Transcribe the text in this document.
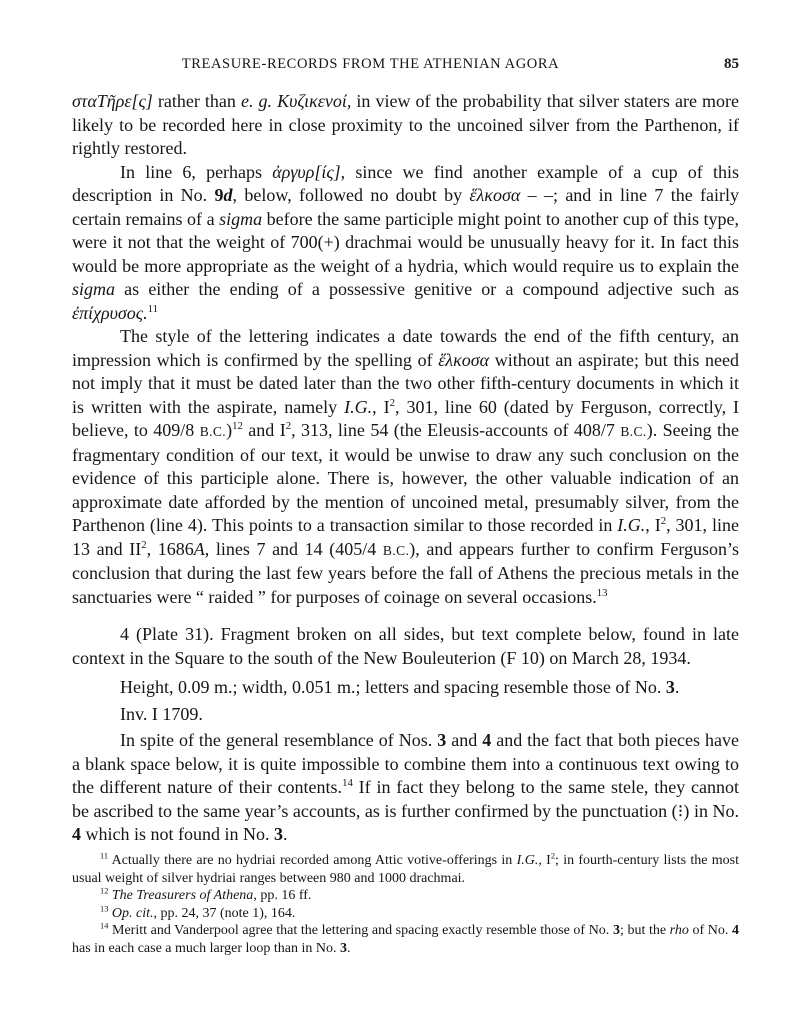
TREASURE-RECORDS FROM THE ATHENIAN AGORA	85

σταΤῆρε[ς] rather than e. g. Κυζικενοί, in view of the probability that silver staters are more likely to be recorded here in close proximity to the uncoined silver from the Parthenon, if rightly restored.

In line 6, perhaps ἀργυρ[ίς], since we find another example of a cup of this description in No. 9d, below, followed no doubt by ἕλκοσα – –; and in line 7 the fairly certain remains of a sigma before the same participle might point to another cup of this type, were it not that the weight of 700(+) drachmai would be unusually heavy for it. In fact this would be more appropriate as the weight of a hydria, which would require us to explain the sigma as either the ending of a possessive genitive or a compound adjective such as ἐπίχρυσος.$^{11}$

The style of the lettering indicates a date towards the end of the fifth century, an impression which is confirmed by the spelling of ἕλκοσα without an aspirate; but this need not imply that it must be dated later than the two other fifth-century documents in which it is written with the aspirate, namely I.G., $I^2$, 301, line 60 (dated by Ferguson, correctly, I believe, to 409/8 B.C.)$^{12}$ and $I^2$, 313, line 54 (the Eleusis-accounts of 408/7 B.C.). Seeing the fragmentary condition of our text, it would be unwise to draw any such conclusion on the evidence of this participle alone. There is, however, the other valuable indication of an approximate date afforded by the mention of uncoined metal, presumably silver, from the Parthenon (line 4). This points to a transaction similar to those recorded in I.G., $I^2$, 301, line 13 and $II^2$, 1686A, lines 7 and 14 (405/4 B.C.), and appears further to confirm Ferguson’s conclusion that during the last few years before the fall of Athens the precious metals in the sanctuaries were “ raided ” for purposes of coinage on several occasions.$^{13}$

4 (Plate 31). Fragment broken on all sides, but text complete below, found in late context in the Square to the south of the New Bouleuterion (F 10) on March 28, 1934.

Height, 0.09 m.; width, 0.051 m.; letters and spacing resemble those of No. 3.

Inv. I 1709.

In spite of the general resemblance of Nos. 3 and 4 and the fact that both pieces have a blank space below, it is quite impossible to combine them into a continuous text owing to the different nature of their contents.$^{14}$ If in fact they belong to the same stele, they cannot be ascribed to the same year’s accounts, as is further confirmed by the punctuation (⁝) in No. 4 which is not found in No. 3.

$^{11}$ Actually there are no hydriai recorded among Attic votive-offerings in I.G., $I^2$; in fourth-century lists the most usual weight of silver hydriai ranges between 980 and 1000 drachmai.

$^{12}$ The Treasurers of Athena, pp. 16 ff.

$^{13}$ Op. cit., pp. 24, 37 (note 1), 164.

$^{14}$ Meritt and Vanderpool agree that the lettering and spacing exactly resemble those of No. 3; but the rho of No. 4 has in each case a much larger loop than in No. 3.
